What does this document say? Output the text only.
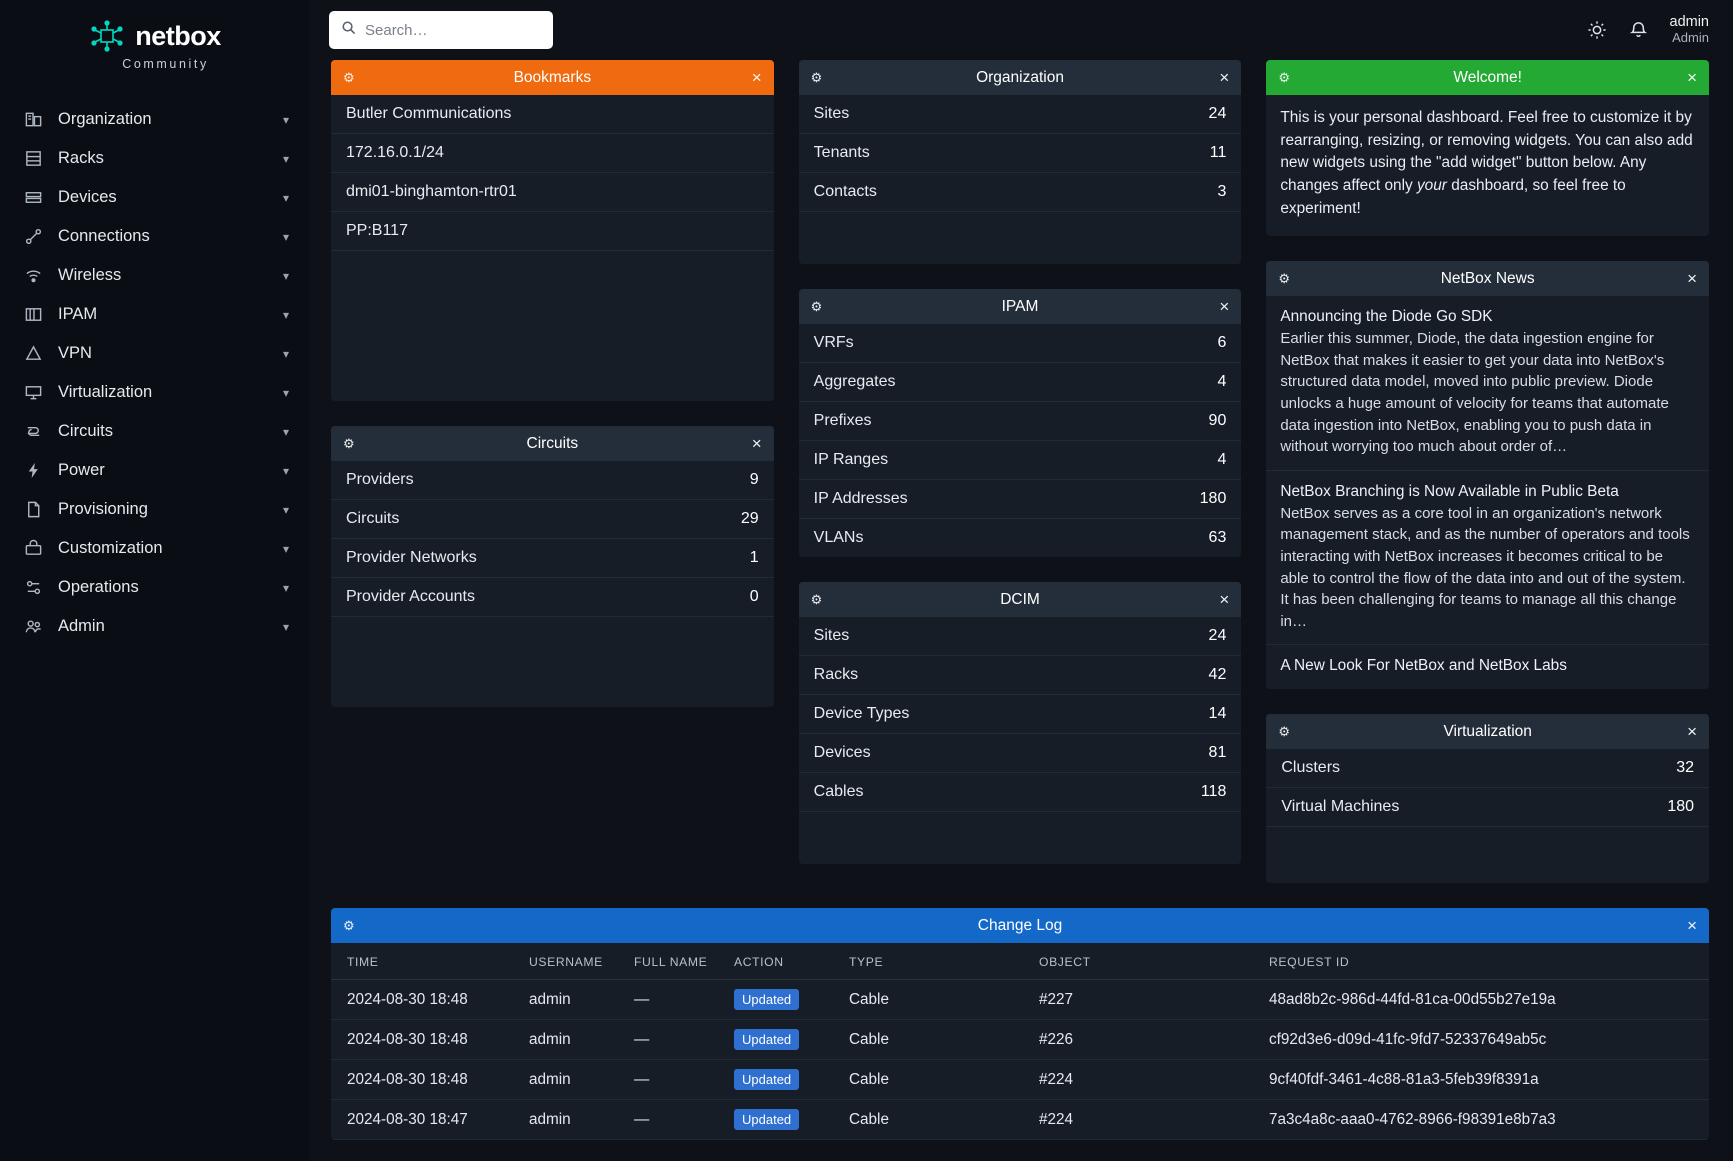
netbox
Community
Organization	▾
Racks	▾
Devices	▾
Connections	▾
Wireless	▾
IPAM	▾
VPN	▾
Virtualization	▾
Circuits	▾
Power	▾
Provisioning	▾
Customization	▾
Operations	▾
Admin	▾
Search…
admin
Admin
⚙	Bookmarks	×
Butler Communications
172.16.0.1/24
dmi01-binghamton-rtr01
PP:B117
⚙	Circuits	×
Providers	9
Circuits	29
Provider Networks	1
Provider Accounts	0
⚙	Organization	×
Sites	24
Tenants	11
Contacts	3
⚙	IPAM	×
VRFs	6
Aggregates	4
Prefixes	90
IP Ranges	4
IP Addresses	180
VLANs	63
⚙	DCIM	×
Sites	24
Racks	42
Device Types	14
Devices	81
Cables	118
⚙	Welcome!	×

This is your personal dashboard. Feel free to customize it by rearranging, resizing, or removing widgets. You can also add new widgets using the "add widget" button below. Any changes affect only your dashboard, so feel free to experiment!

⚙	NetBox News	×
Announcing the Diode Go SDK
Earlier this summer, Diode, the data ingestion engine for NetBox that makes it easier to get your data into NetBox's structured data model, moved into public preview. Diode unlocks a huge amount of velocity for teams that automate data ingestion into NetBox, enabling you to push data in without worrying too much about order of…
NetBox Branching is Now Available in Public Beta
NetBox serves as a core tool in an organization's network management stack, and as the number of operators and tools interacting with NetBox increases it becomes critical to be able to control the flow of the data into and out of the system. It has been challenging for teams to manage all this change in…
A New Look For NetBox and NetBox Labs
⚙	Virtualization	×
Clusters	32
Virtual Machines	180
⚙	Change Log	×
TIME	USERNAME	FULL NAME	ACTION	TYPE	OBJECT	REQUEST ID
2024-08-30 18:48	admin	—	Updated	Cable	#227	48ad8b2c-986d-44fd-81ca-00d55b27e19a
2024-08-30 18:48	admin	—	Updated	Cable	#226	cf92d3e6-d09d-41fc-9fd7-52337649ab5c
2024-08-30 18:48	admin	—	Updated	Cable	#224	9cf40fdf-3461-4c88-81a3-5feb39f8391a
2024-08-30 18:47	admin	—	Updated	Cable	#224	7a3c4a8c-aaa0-4762-8966-f98391e8b7a3
